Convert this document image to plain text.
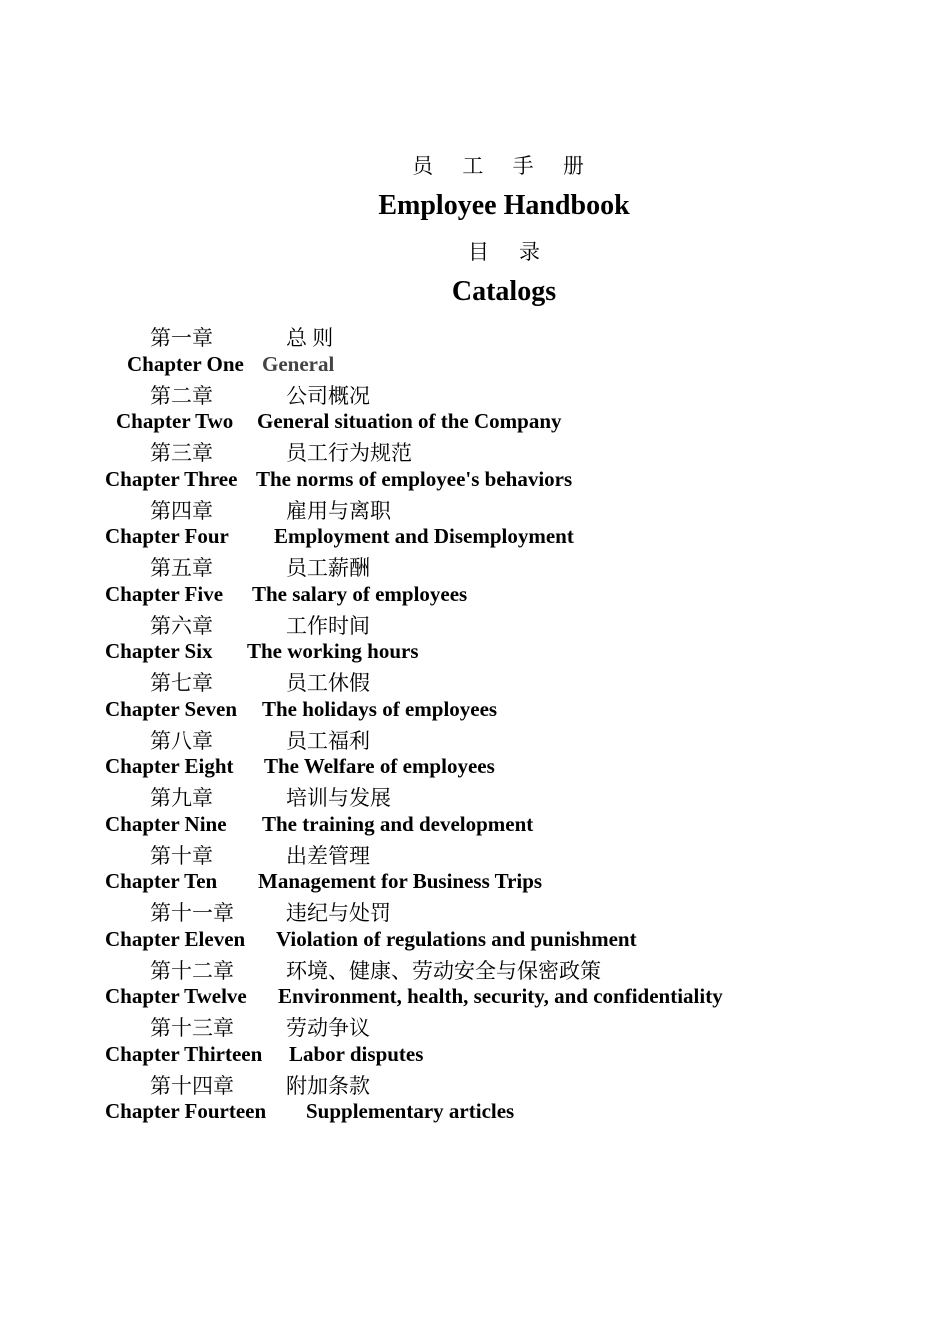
员 工 手 册
Employee Handbook
目 录
Catalogs
第一章	总 则
Chapter One General
第二章	公司概况
Chapter Two General situation of the Company
第三章	员工行为规范
Chapter Three The norms of employee's behaviors
第四章	雇用与离职
Chapter Four Employment and Disemployment
第五章	员工薪酬
Chapter Five The salary of employees
第六章	工作时间
Chapter Six The working hours
第七章	员工休假
Chapter Seven The holidays of employees
第八章	员工福利
Chapter Eight The Welfare of employees
第九章	培训与发展
Chapter Nine The training and development
第十章	出差管理
Chapter Ten Management for Business Trips
第十一章 违纪与处罚
Chapter Eleven Violation of regulations and punishment
第十二章 环境、健康、劳动安全与保密政策
Chapter Twelve Environment, health, security, and confidentiality
第十三章 劳动争议
Chapter Thirteen Labor disputes
第十四章 附加条款
Chapter Fourteen Supplementary articles
